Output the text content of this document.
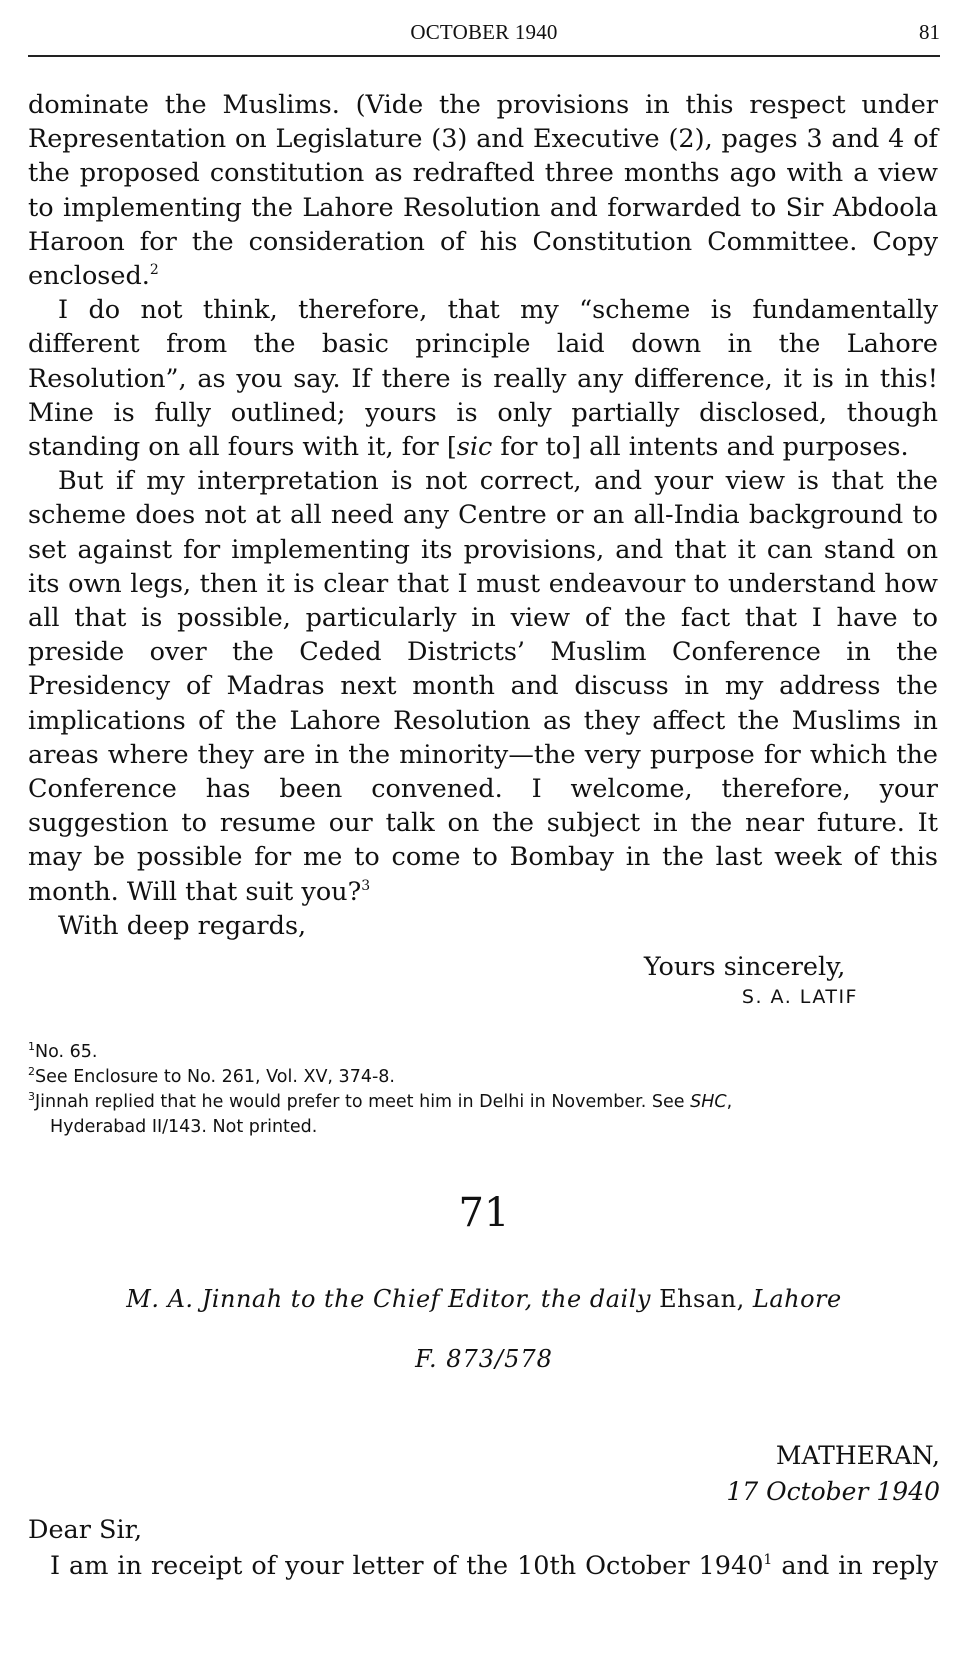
OCTOBER 1940	81

dominate the Muslims. (Vide the provisions in this respect under Representation on Legislature (3) and Executive (2), pages 3 and 4 of the proposed constitution as redrafted three months ago with a view to implementing the Lahore Resolution and forwarded to Sir Abdoola Haroon for the consideration of his Constitution Committee. Copy enclosed.$^2$

I do not think, therefore, that my “scheme is fundamentally different from the basic principle laid down in the Lahore Resolution”, as you say. If there is really any difference, it is in this! Mine is fully outlined; yours is only partially disclosed, though standing on all fours with it, for [sic for to] all intents and purposes.

But if my interpretation is not correct, and your view is that the scheme does not at all need any Centre or an all-India background to set against for implementing its provisions, and that it can stand on its own legs, then it is clear that I must endeavour to understand how all that is possible, particularly in view of the fact that I have to preside over the Ceded Districts’ Muslim Conference in the Presidency of Madras next month and discuss in my address the implications of the Lahore Resolution as they affect the Muslims in areas where they are in the minority—the very purpose for which the Conference has been convened. I welcome, therefore, your suggestion to resume our talk on the subject in the near future. It may be possible for me to come to Bombay in the last week of this month. Will that suit you?$^3$

With deep regards,

Yours sincerely,
S. A. LATIF
$^1$No. 65.
$^2$See Enclosure to No. 261, Vol. XV, 374-8.
$^3$Jinnah replied that he would prefer to meet him in Delhi in November. See SHC,
Hyderabad II/143. Not printed.
71
M. A. Jinnah to the Chief Editor, the daily Ehsan, Lahore
F. 873/578
MATHERAN,
17 October 1940
Dear Sir,
I am in receipt of your letter of the 10th October 1940$^1$ and in reply
